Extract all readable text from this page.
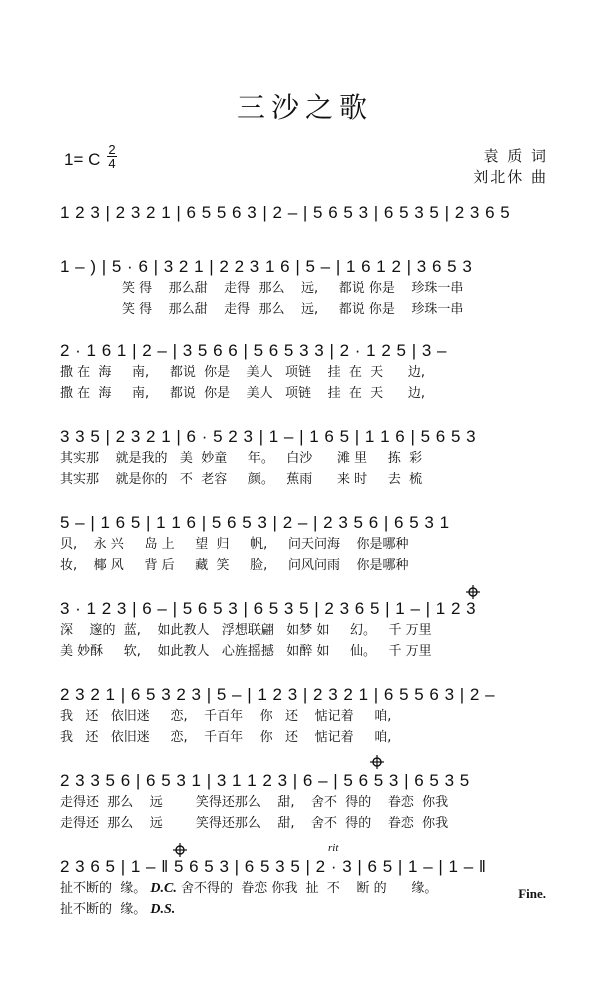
三沙之歌
1= C
2
4	袁 质 词
刘北休 曲
1 2 3 | 2 3 2 1 | 6 5 5 6 3 | 2 – | 5 6 5 3 | 6 5 3 5 | 2 3 6 5
1 – ) | 5 · 6 | 3 2 1 | 2 2 3 1 6 | 5 – | 1 6 1 2 | 3 6 5 3
笑 得    那么甜    走得  那么    远,     都说 你是    珍珠一串
笑 得    那么甜    走得  那么    远,     都说 你是    珍珠一串
2 · 1 6 1 | 2 – | 3 5 6 6 | 5 6 5 3 3 | 2 · 1 2 5 | 3 –
撒 在  海     南,     都说  你是    美人   项链    挂  在  天      边,
撒 在  海     南,     都说  你是    美人   项链    挂  在  天      边,
3 3 5 | 2 3 2 1 | 6 · 5 2 3 | 1 – | 1 6 5 | 1 1 6 | 5 6 5 3
其实那    就是我的   美  妙童     年。   白沙      滩 里     拣  彩
其实那    就是你的   不  老容     颜。   蕉雨      来 时     去  梳
5 – | 1 6 5 | 1 1 6 | 5 6 5 3 | 2 – | 2 3 5 6 | 6 5 3 1
贝,    永 兴     岛 上     望  归     帆,     问天问海    你是哪种
妆,    椰 风     背 后     藏  笑     脸,     问风问雨    你是哪种
3 · 1 2 3 | 6 – | 5 6 5 3 | 6 5 3 5 | 2 3 6 5 | 1 – | 1 2 3
深    邃的  蓝,    如此教人   浮想联翩   如梦 如     幻。   千 万里
美 妙酥     软,    如此教人   心旌摇撼   如醉 如     仙。   千 万里
2 3 2 1 | 6 5 3 2 3 | 5 – | 1 2 3 | 2 3 2 1 | 6 5 5 6 3 | 2 –
我   还   依旧迷     恋,    千百年    你   还    惦记着     咱,
我   还   依旧迷     恋,    千百年    你   还    惦记着     咱,
2 3 3 5 6 | 6 5 3 1 | 3 1 1 2 3 | 6 – | 5 6 5 3 | 6 5 3 5
走得还  那么    远        笑得还那么    甜,    舍不  得的    眷恋  你我
走得还  那么    远        笑得还那么    甜,    舍不  得的    眷恋  你我
2 3 6 5 | 1 – ‖ 5 6 5 3 | 6 5 3 5 | 2 · 3 | 6 5 | 1 – | 1 – ‖
扯不断的  缘。 D.C. 舍不得的  眷恋 你我  扯  不    断 的      缘。
扯不断的  缘。 D.S.
Fine.
rit
